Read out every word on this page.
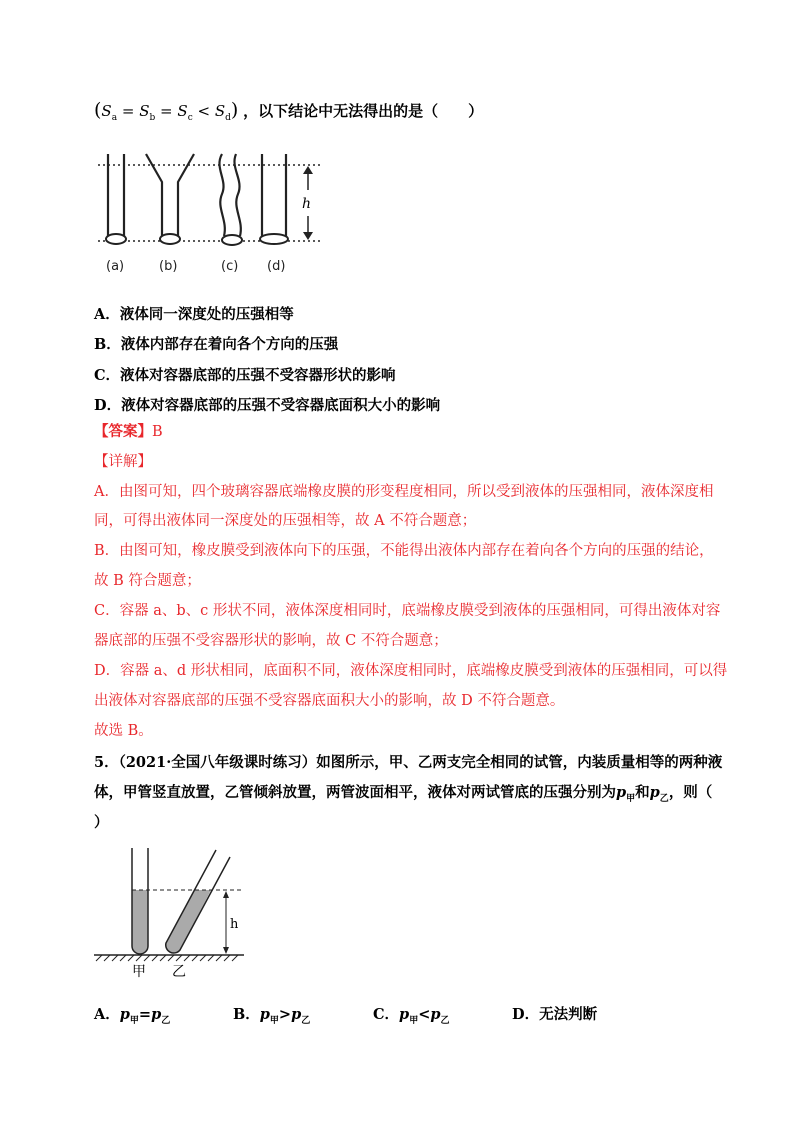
$(S_a = S_b = S_c < S_d)$ ，以下结论中无法得出的是（　　）
h
(a)	(b)	(c) (d)
A．液体同一深度处的压强相等
B．液体内部存在着向各个方向的压强
C．液体对容器底部的压强不受容器形状的影响
D．液体对容器底部的压强不受容器底面积大小的影响
【答案】B
【详解】
A．由图可知，四个玻璃容器底端橡皮膜的形变程度相同，所以受到液体的压强相同，液体深度相
同，可得出液体同一深度处的压强相等，故 A 不符合题意；
B．由图可知，橡皮膜受到液体向下的压强，不能得出液体内部存在着向各个方向的压强的结论，
故 B 符合题意；
C．容器 a、b、c 形状不同，液体深度相同时，底端橡皮膜受到液体的压强相同，可得出液体对容
器底部的压强不受容器形状的影响，故 C 不符合题意；
D．容器 a、d 形状相同，底面积不同，液体深度相同时，底端橡皮膜受到液体的压强相同，可以得
出液体对容器底部的压强不受容器底面积大小的影响，故 D 不符合题意。
故选 B。
5．（2021·全国八年级课时练习）如图所示，甲、乙两支完全相同的试管，内装质量相等的两种液
体，甲管竖直放置，乙管倾斜放置，两管波面相平，液体对两试管底的压强分别为$p_甲$和$p_乙$，则（
）
h
甲 乙
A．$p_甲=p_乙$	B．$p_甲>p_乙$	C．$p_甲<p_乙$	D．无法判断
